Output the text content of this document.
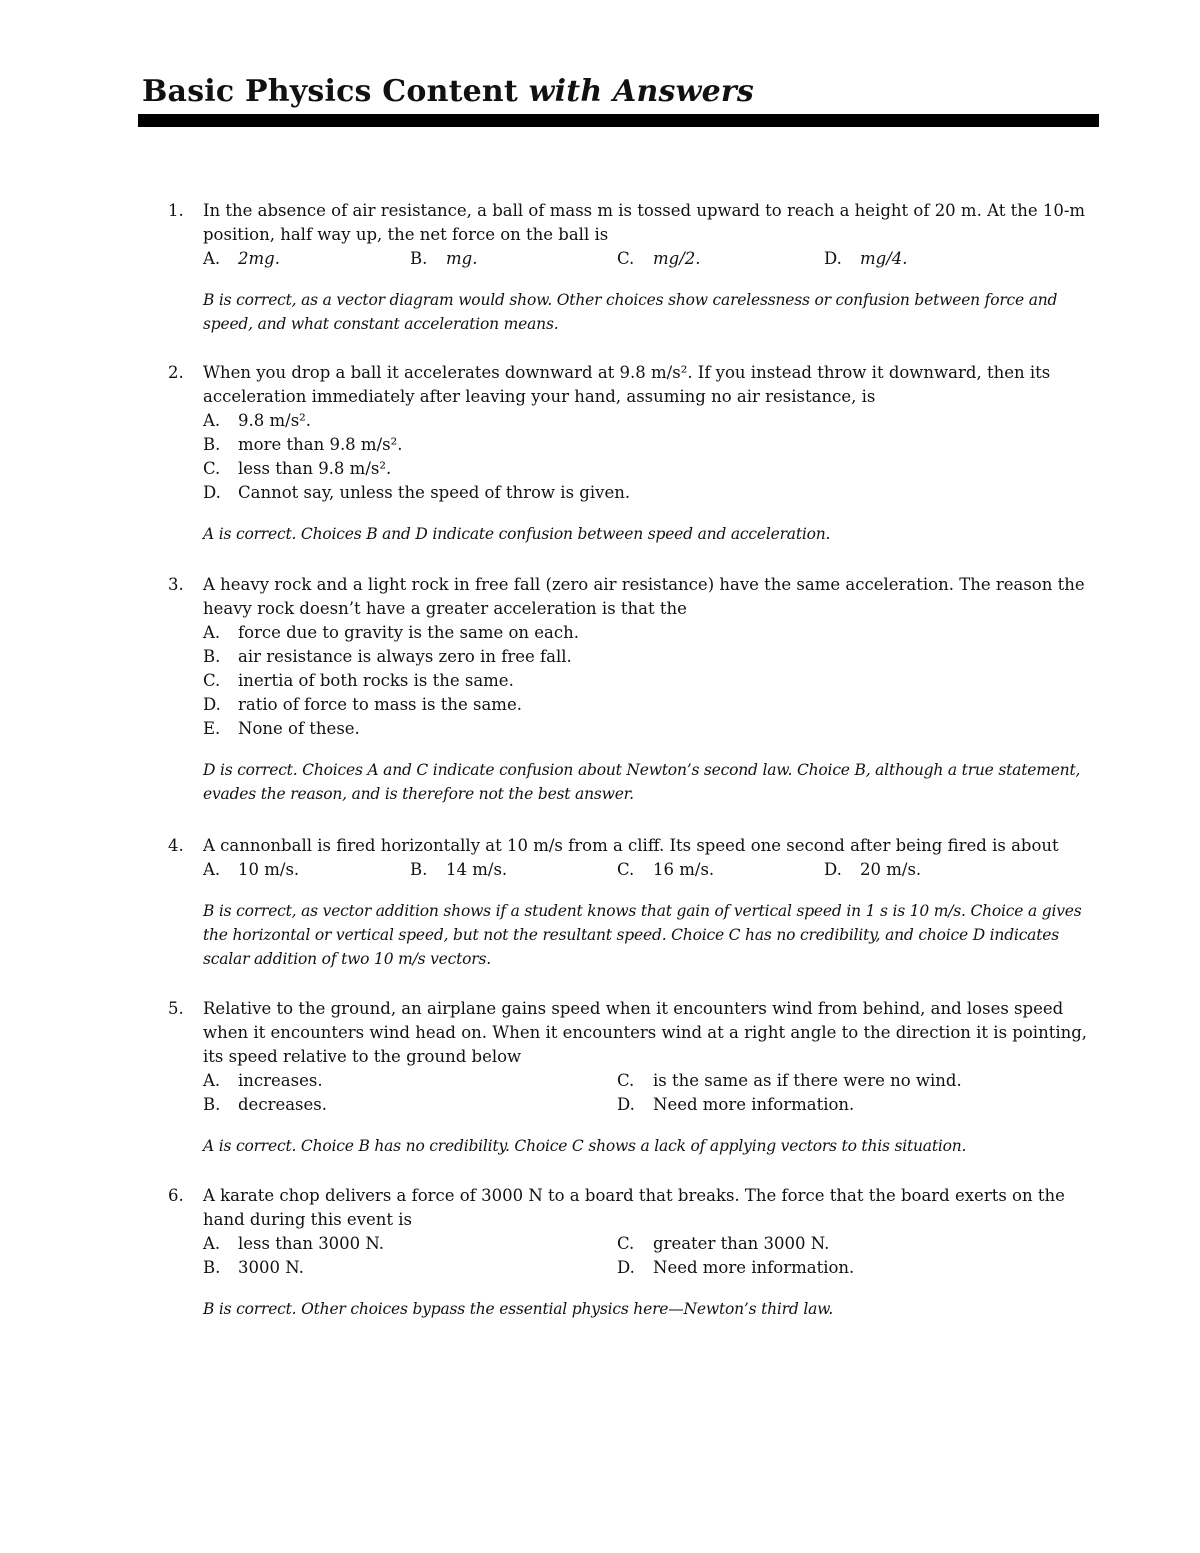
Basic Physics Content with Answers
1. In the absence of air resistance, a ball of mass m is tossed upward to reach a height of 20 m. At the 10-m position, half way up, the net force on the ball is
A. 2mg.	B. mg.	C. mg/2.	D. mg/4.
B is correct, as a vector diagram would show. Other choices show carelessness or confusion between force and speed, and what constant acceleration means.
2. When you drop a ball it accelerates downward at 9.8 m/s². If you instead throw it downward, then its acceleration immediately after leaving your hand, assuming no air resistance, is
A. 9.8 m/s².
B. more than 9.8 m/s².
C. less than 9.8 m/s².
D. Cannot say, unless the speed of throw is given.
A is correct. Choices B and D indicate confusion between speed and acceleration.
3. A heavy rock and a light rock in free fall (zero air resistance) have the same acceleration. The reason the heavy rock doesn’t have a greater acceleration is that the
A. force due to gravity is the same on each.
B. air resistance is always zero in free fall.
C. inertia of both rocks is the same.
D. ratio of force to mass is the same.
E. None of these.
D is correct. Choices A and C indicate confusion about Newton’s second law. Choice B, although a true statement, evades the reason, and is therefore not the best answer.
4. A cannonball is fired horizontally at 10 m/s from a cliff. Its speed one second after being fired is about
A. 10 m/s.	B. 14 m/s.	C. 16 m/s.	D. 20 m/s.
B is correct, as vector addition shows if a student knows that gain of vertical speed in 1 s is 10 m/s. Choice a gives the horizontal or vertical speed, but not the resultant speed. Choice C has no credibility, and choice D indicates scalar addition of two 10 m/s vectors.
5. Relative to the ground, an airplane gains speed when it encounters wind from behind, and loses speed when it encounters wind head on. When it encounters wind at a right angle to the direction it is pointing, its speed relative to the ground below
A. increases.	C. is the same as if there were no wind.
B. decreases.	D. Need more information.
A is correct. Choice B has no credibility. Choice C shows a lack of applying vectors to this situation.
6. A karate chop delivers a force of 3000 N to a board that breaks. The force that the board exerts on the hand during this event is
A. less than 3000 N.	C. greater than 3000 N.
B. 3000 N.	D. Need more information.
B is correct. Other choices bypass the essential physics here—Newton’s third law.
